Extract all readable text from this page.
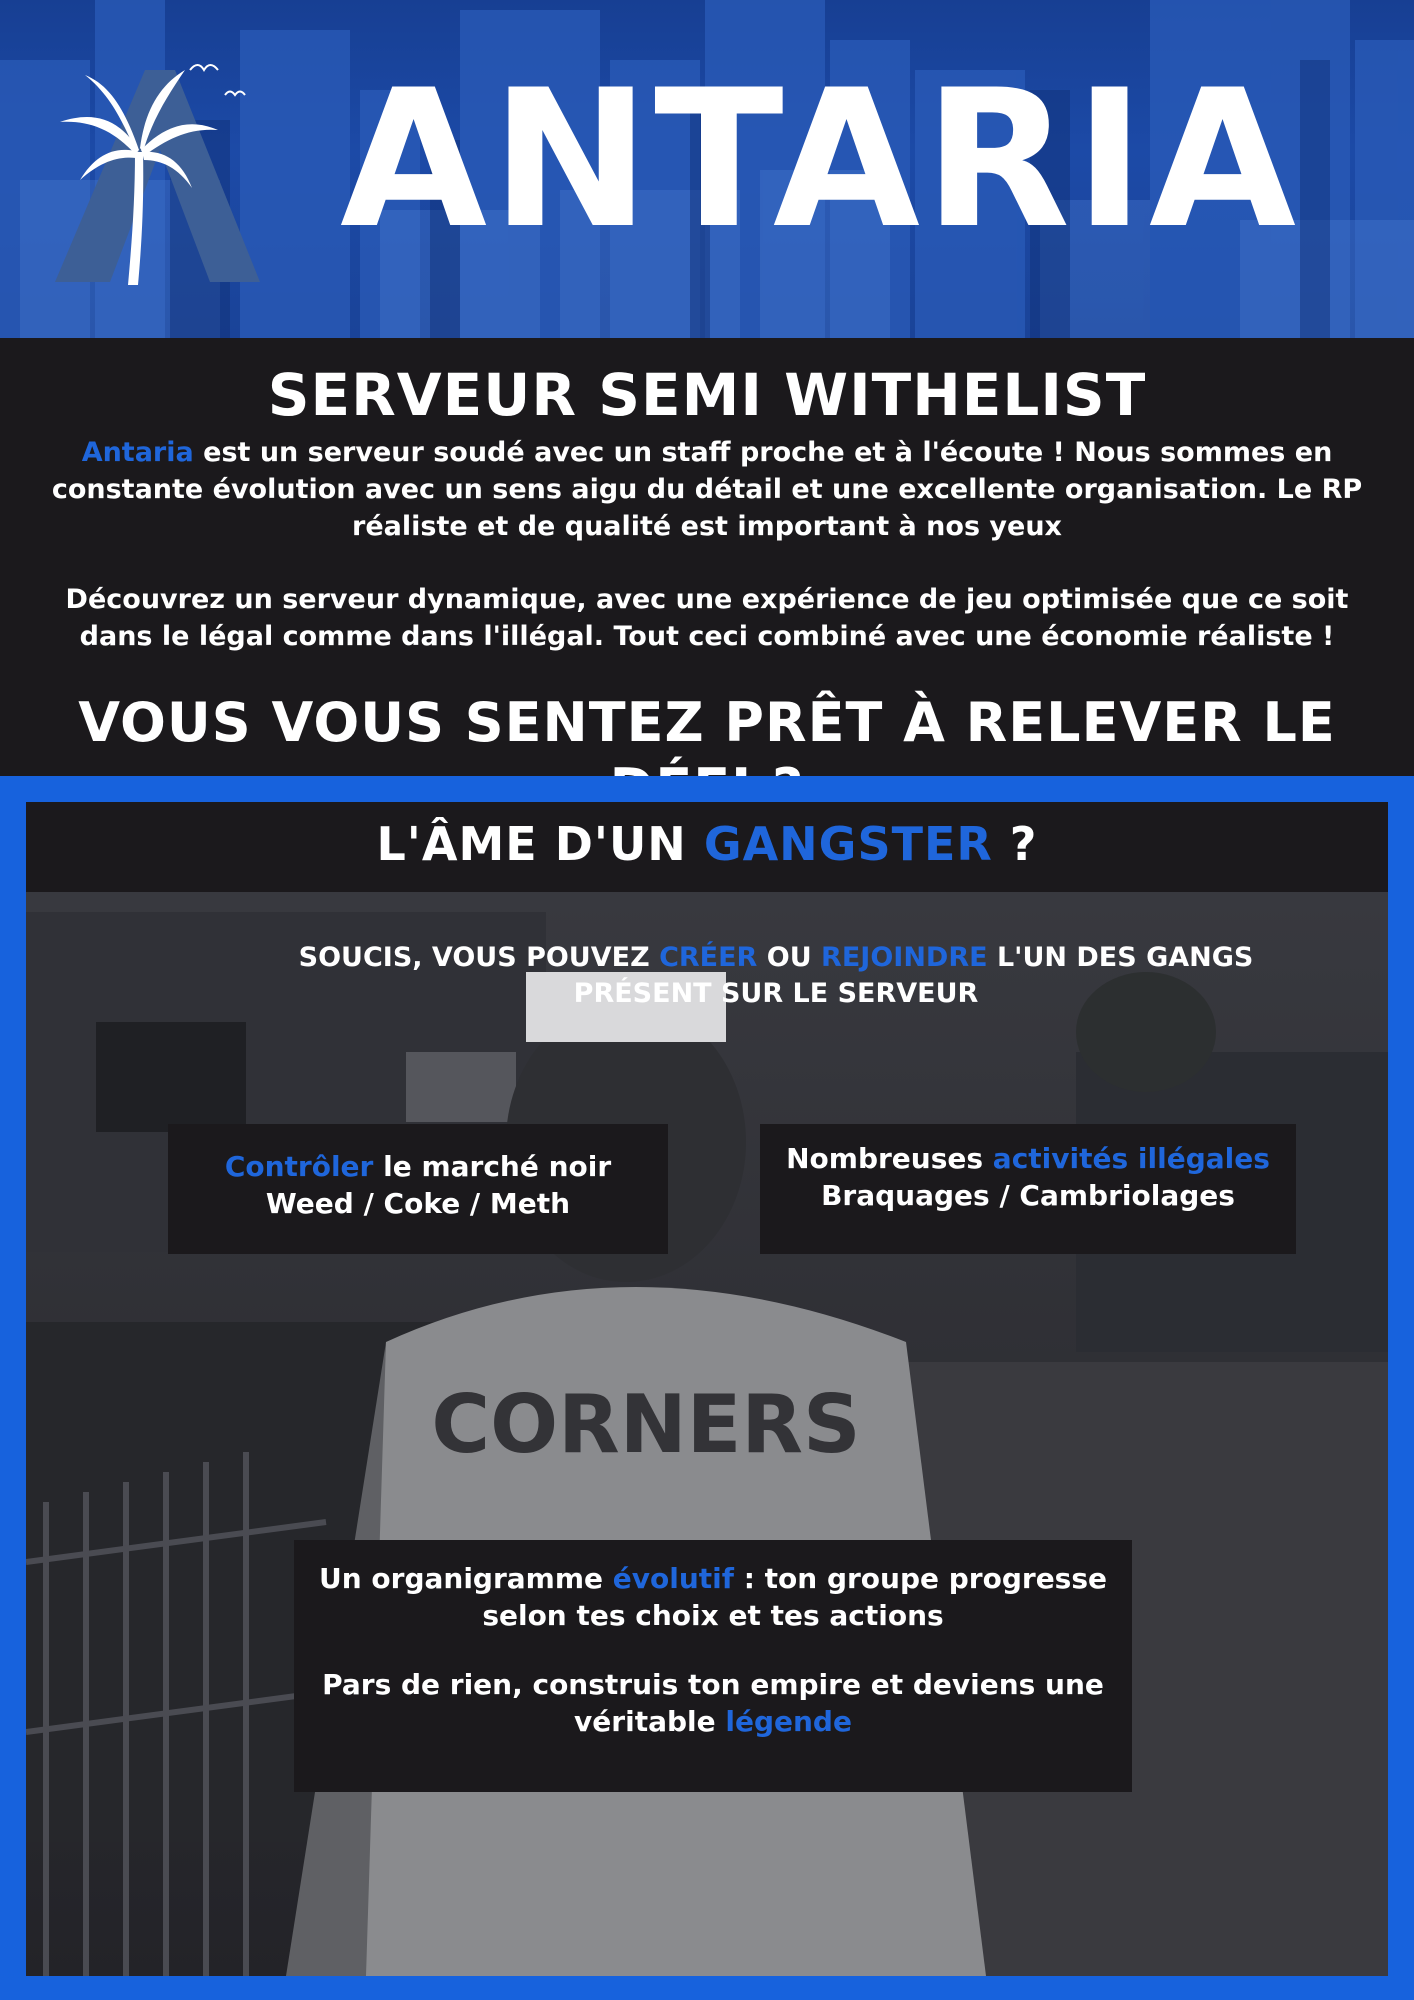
ANTARIA
SERVEUR SEMI WITHELIST
Antaria est un serveur soudé avec un staff proche et à l'écoute ! Nous sommes en constante évolution avec un sens aigu du détail et une excellente organisation. Le RP réaliste et de qualité est important à nos yeux
Découvrez un serveur dynamique, avec une expérience de jeu optimisée que ce soit dans le légal comme dans l'illégal. Tout ceci combiné avec une économie réaliste !
VOUS VOUS SENTEZ PRÊT À RELEVER LE
CORNERS
L'ÂME D'UN GANGSTER ?
SOUCIS, VOUS POUVEZ CRÉER OU REJOINDRE L'UN DES GANGS PRÉSENT SUR LE SERVEUR
Contrôler le marché noir
Weed / Coke / Meth
Nombreuses activités illégales
Braquages / Cambriolages
Un organigramme évolutif : ton groupe progresse selon tes choix et tes actions
Pars de rien, construis ton empire et deviens une véritable légende
